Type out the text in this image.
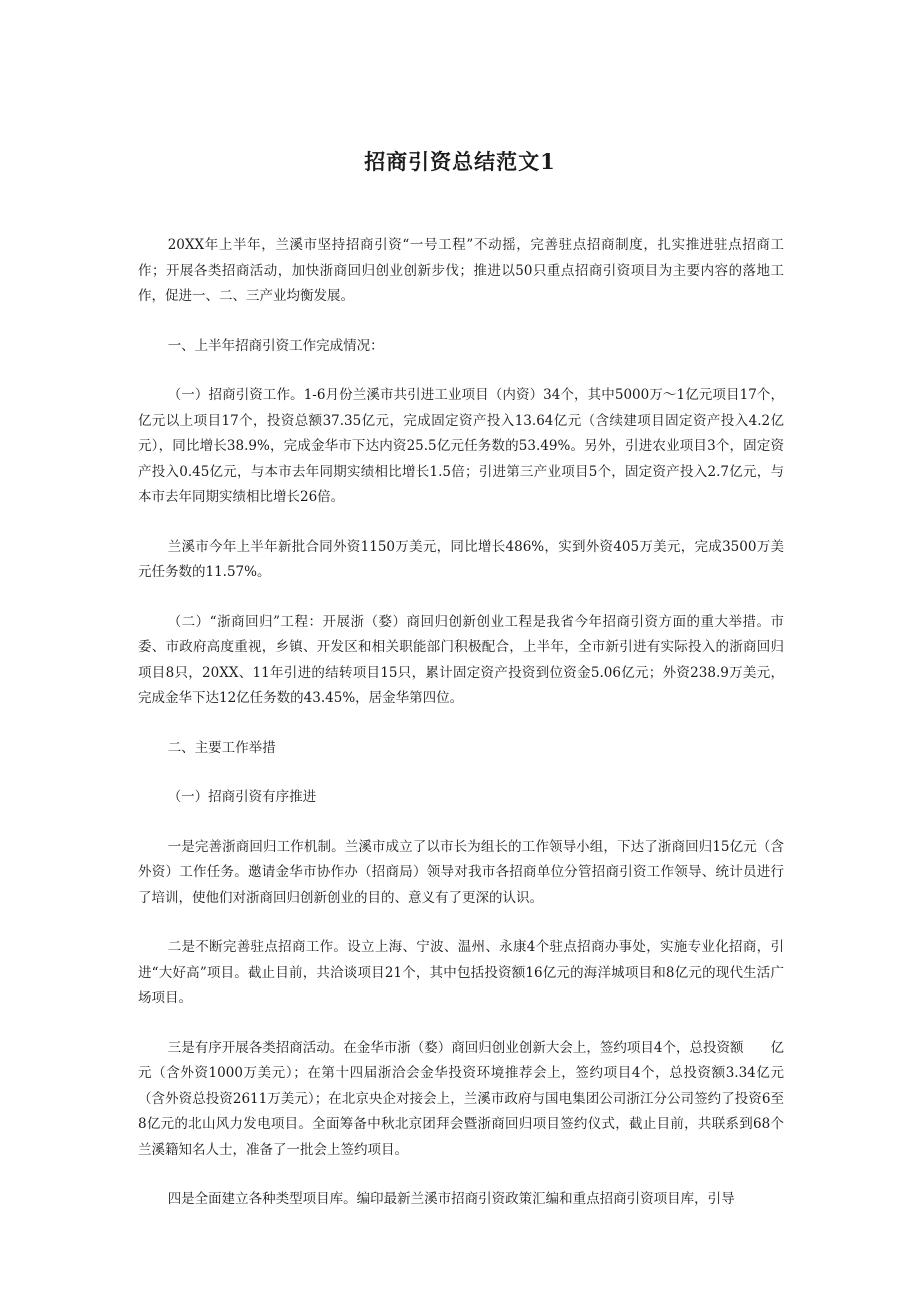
招商引资总结范文1

20XX年上半年，兰溪市坚持招商引资“一号工程”不动摇，完善驻点招商制度，扎实推进驻点招商工作；开展各类招商活动，加快浙商回归创业创新步伐；推进以50只重点招商引资项目为主要内容的落地工作，促进一、二、三产业均衡发展。

一、上半年招商引资工作完成情况：

（一）招商引资工作。1-6月份兰溪市共引进工业项目（内资）34个，其中5000万～1亿元项目17个，亿元以上项目17个，投资总额37.35亿元，完成固定资产投入13.64亿元（含续建项目固定资产投入4.2亿元），同比增长38.9%，完成金华市下达内资25.5亿元任务数的53.49%。另外，引进农业项目3个，固定资产投入0.45亿元，与本市去年同期实绩相比增长1.5倍；引进第三产业项目5个，固定资产投入2.7亿元，与本市去年同期实绩相比增长26倍。

兰溪市今年上半年新批合同外资1150万美元，同比增长486%，实到外资405万美元，完成3500万美元任务数的11.57%。

（二）“浙商回归”工程：开展浙（婺）商回归创新创业工程是我省今年招商引资方面的重大举措。市委、市政府高度重视，乡镇、开发区和相关职能部门积极配合，上半年，全市新引进有实际投入的浙商回归项目8只，20XX、11年引进的结转项目15只，累计固定资产投资到位资金5.06亿元；外资238.9万美元，完成金华下达12亿任务数的43.45%，居金华第四位。

二、主要工作举措

（一）招商引资有序推进

一是完善浙商回归工作机制。兰溪市成立了以市长为组长的工作领导小组，下达了浙商回归15亿元（含外资）工作任务。邀请金华市协作办（招商局）领导对我市各招商单位分管招商引资工作领导、统计员进行了培训，使他们对浙商回归创新创业的目的、意义有了更深的认识。

二是不断完善驻点招商工作。设立上海、宁波、温州、永康4个驻点招商办事处，实施专业化招商，引进“大好高”项目。截止目前，共洽谈项目21个，其中包括投资额16亿元的海洋城项目和8亿元的现代生活广场项目。

三是有序开展各类招商活动。在金华市浙（婺）商回归创业创新大会上，签约项目4个，总投资额　　亿元（含外资1000万美元）；在第十四届浙洽会金华投资环境推荐会上，签约项目4个，总投资额3.34亿元（含外资总投资2611万美元）；在北京央企对接会上，兰溪市政府与国电集团公司浙江分公司签约了投资6至8亿元的北山风力发电项目。全面筹备中秋北京团拜会暨浙商回归项目签约仪式，截止目前，共联系到68个兰溪籍知名人士，准备了一批会上签约项目。

四是全面建立各种类型项目库。编印最新兰溪市招商引资政策汇编和重点招商引资项目库，引导
